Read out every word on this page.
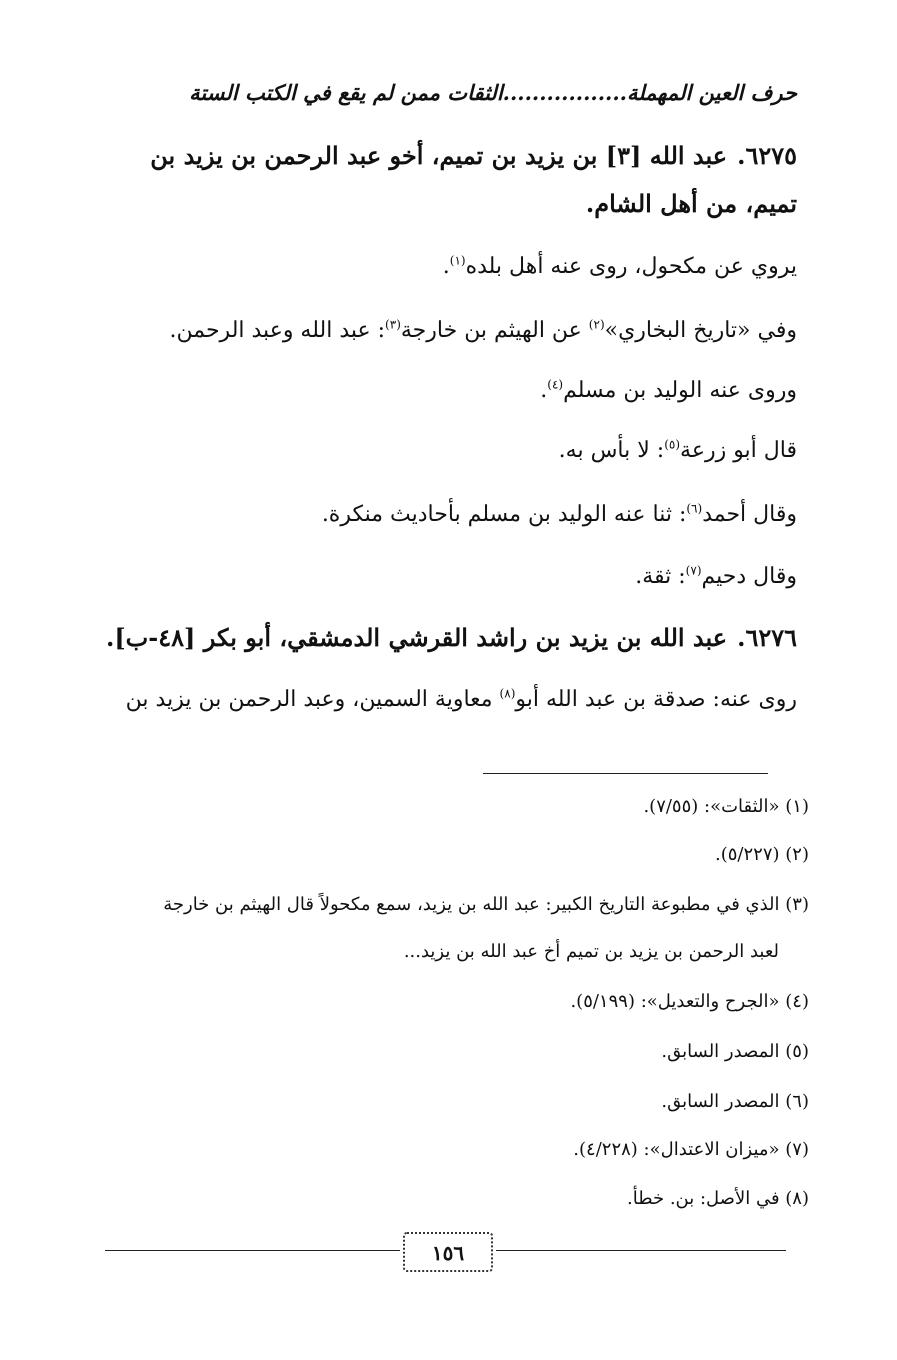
حرف العين المهملة.................الثقات ممن لم يقع في الكتب الستة
٦٢٧٥.عبد الله [٣] بن يزيد بن تميم، أخو عبد الرحمن بن يزيد بن تميم، من أهل الشام.
يروي عن مكحول، روى عنه أهل بلده$^{(١)}$.
وفي «تاريخ البخاري»$^{(٢)}$ عن الهيثم بن خارجة$^{(٣)}$: عبد الله وعبد الرحمن.
وروى عنه الوليد بن مسلم$^{(٤)}$.
قال أبو زرعة$^{(٥)}$: لا بأس به.
وقال أحمد$^{(٦)}$: ثنا عنه الوليد بن مسلم بأحاديث منكرة.
وقال دحيم$^{(٧)}$: ثقة.
٦٢٧٦.عبد الله بن يزيد بن راشد القرشي الدمشقي، أبو بكر [٤٨-ب].
روى عنه: صدقة بن عبد الله أبو$^{(٨)}$ معاوية السمين، وعبد الرحمن بن يزيد بن
(١) «الثقات»: (٧/٥٥).
(٢) (٥/٢٢٧).
(٣) الذي في مطبوعة التاريخ الكبير: عبد الله بن يزيد، سمع مكحولاً قال الهيثم بن خارجة
لعبد الرحمن بن يزيد بن تميم أخ عبد الله بن يزيد...
(٤) «الجرح والتعديل»: (٥/١٩٩).
(٥) المصدر السابق.
(٦) المصدر السابق.
(٧) «ميزان الاعتدال»: (٤/٢٢٨).
(٨) في الأصل: بن. خطأ.
١٥٦
